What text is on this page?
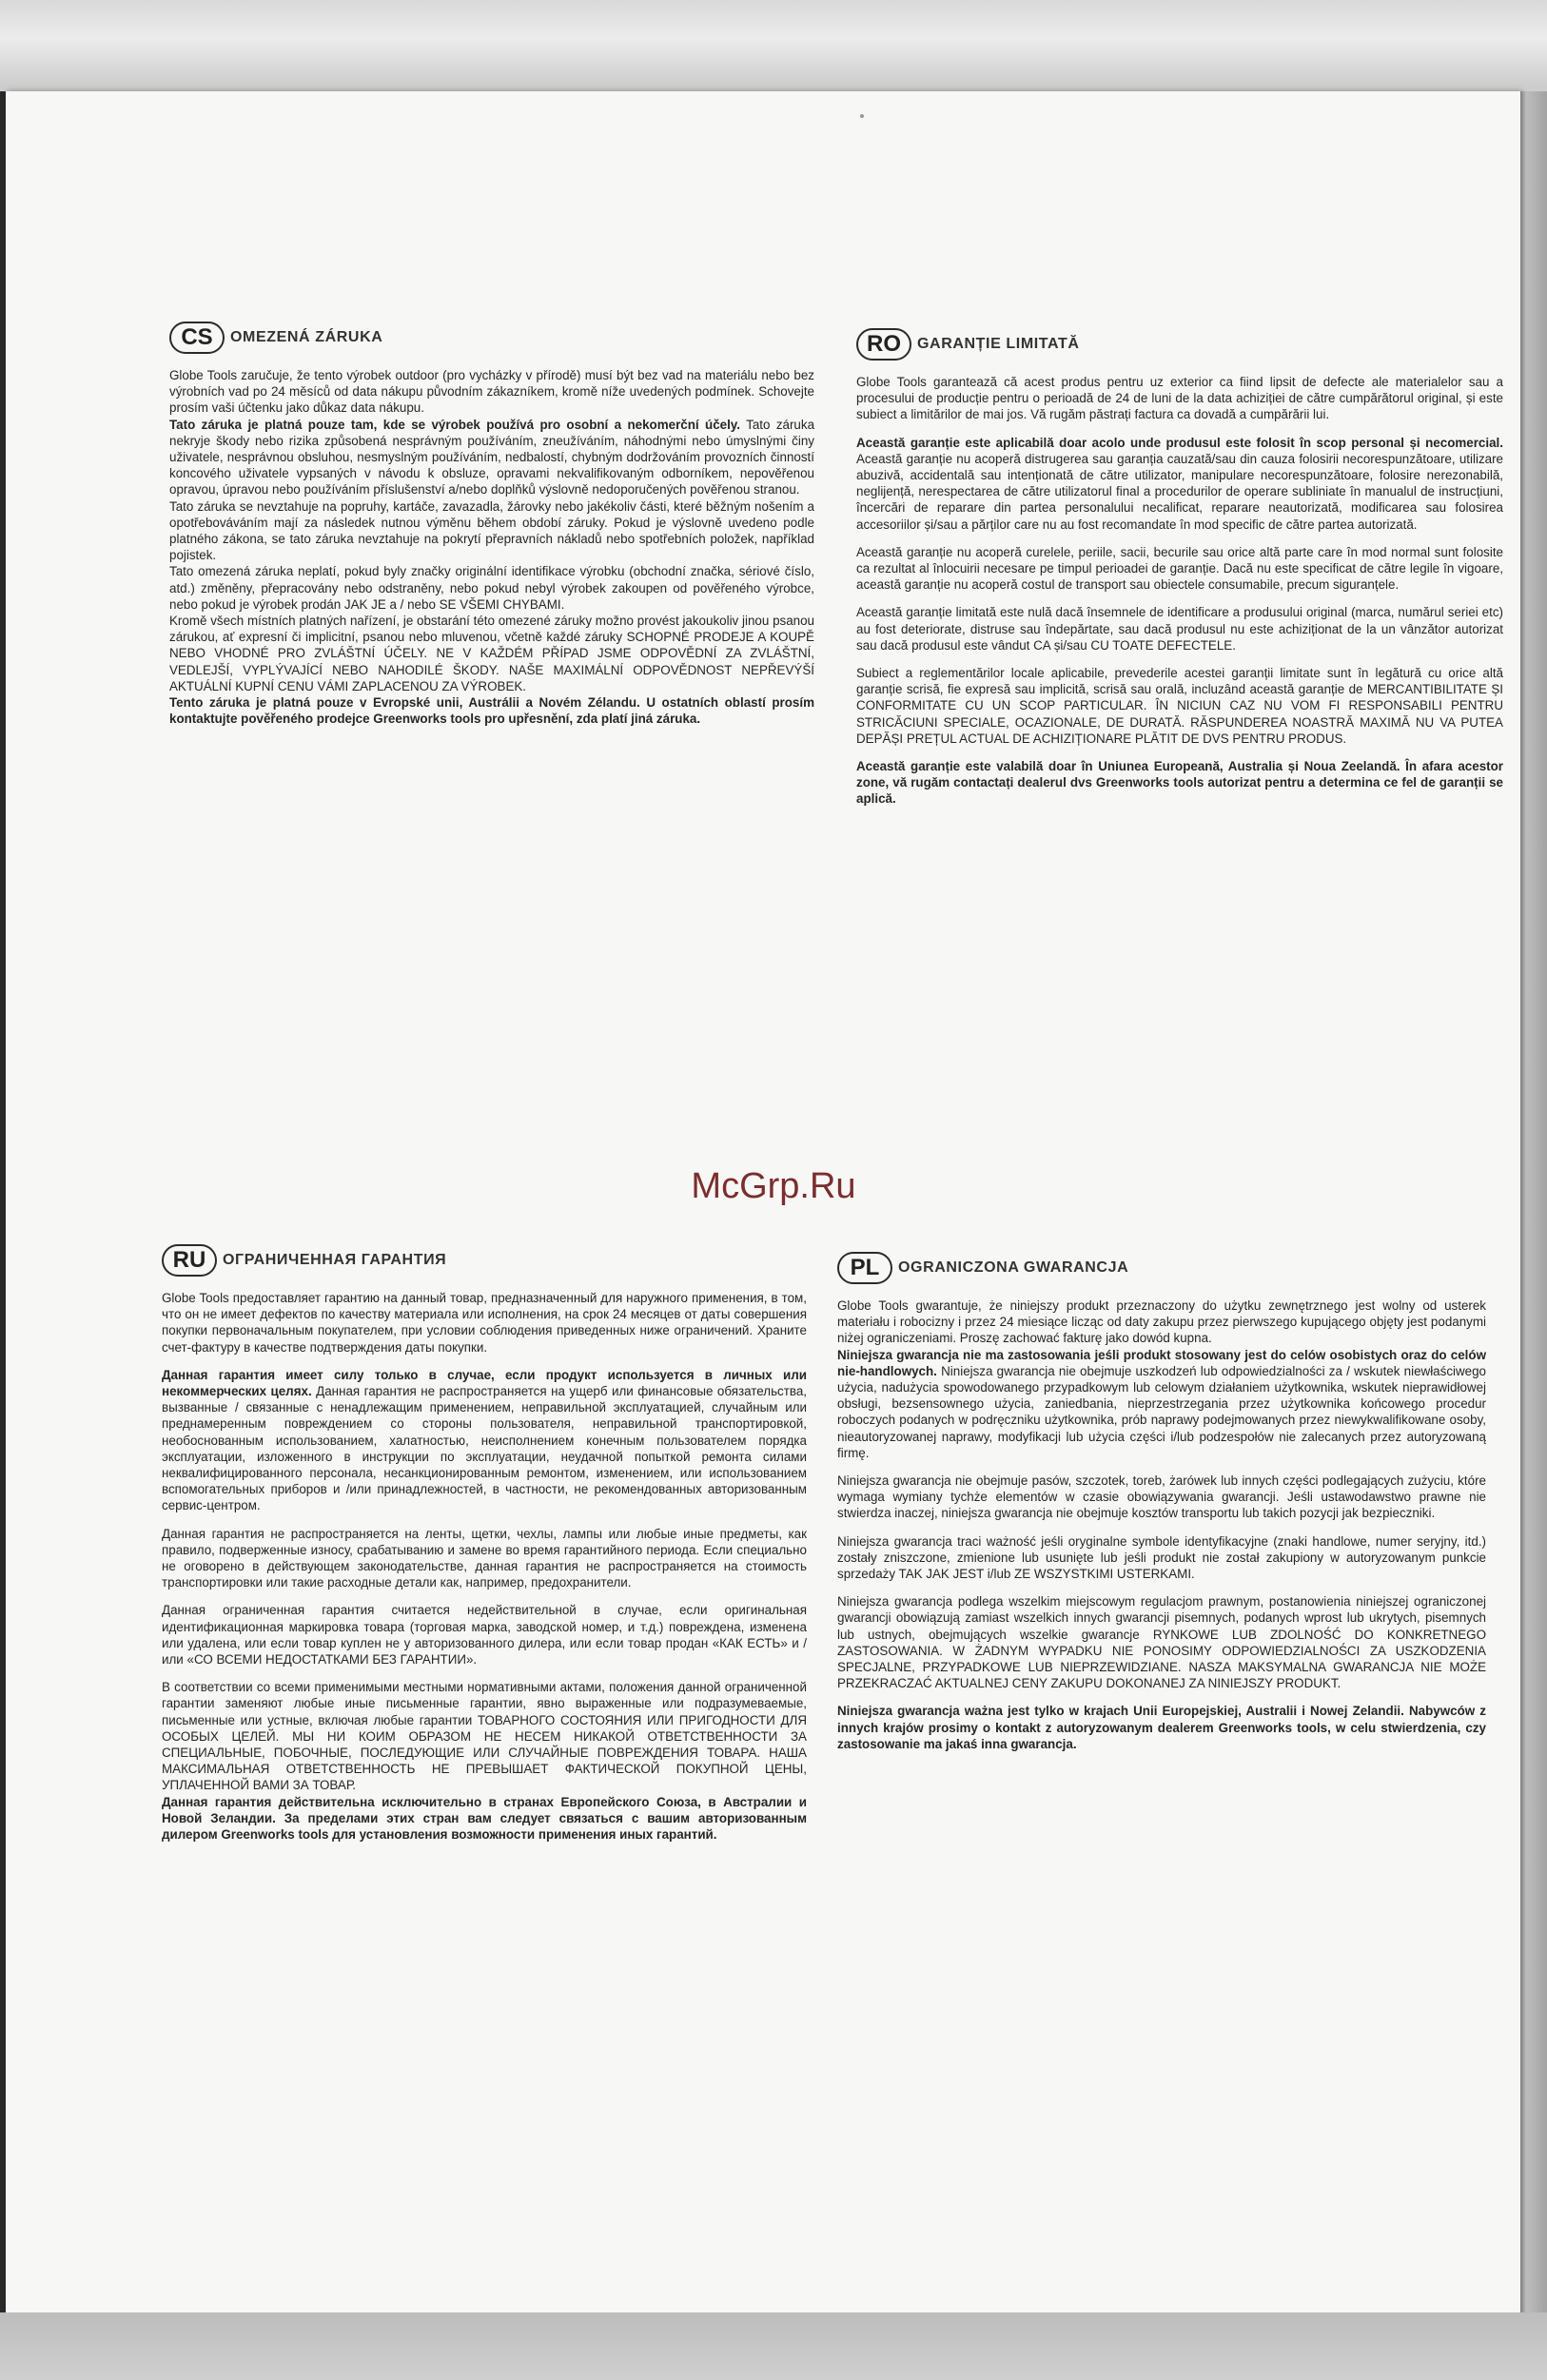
CS	OMEZENÁ ZÁRUKA

Globe Tools zaručuje, že tento výrobek outdoor (pro vycházky v přírodě) musí být bez vad na materiálu nebo bez výrobních vad po 24 měsíců od data nákupu původním zákazníkem, kromě níže uvedených podmínek. Schovejte prosím vaši účtenku jako důkaz data nákupu.

Tato záruka je platná pouze tam, kde se výrobek používá pro osobní a nekomerční účely. Tato záruka nekryje škody nebo rizika způsobená nesprávným používáním, zneužíváním, náhodnými nebo úmyslnými činy uživatele, nesprávnou obsluhou, nesmyslným používáním, nedbalostí, chybným dodržováním provozních činností koncového uživatele vypsaných v návodu k obsluze, opravami nekvalifikovaným odborníkem, nepověřenou opravou, úpravou nebo používáním příslušenství a/nebo doplňků výslovně nedoporučených pověřenou stranou.

Tato záruka se nevztahuje na popruhy, kartáče, zavazadla, žárovky nebo jakékoliv části, které běžným nošením a opotřebováváním mají za následek nutnou výměnu během období záruky. Pokud je výslovně uvedeno podle platného zákona, se tato záruka nevztahuje na pokrytí přepravních nákladů nebo spotřebních položek, například pojistek.

Tato omezená záruka neplatí, pokud byly značky originální identifikace výrobku (obchodní značka, sériové číslo, atd.) změněny, přepracovány nebo odstraněny, nebo pokud nebyl výrobek zakoupen od pověřeného výrobce, nebo pokud je výrobek prodán JAK JE a / nebo SE VŠEMI CHYBAMI.

Kromě všech místních platných nařízení, je obstarání této omezené záruky možno provést jakoukoliv jinou psanou zárukou, ať expresní či implicitní, psanou nebo mluvenou, včetně každé záruky SCHOPNÉ PRODEJE A KOUPĚ NEBO VHODNÉ PRO ZVLÁŠTNÍ ÚČELY. NE V KAŽDÉM PŘÍPAD JSME ODPOVĚDNÍ ZA ZVLÁŠTNÍ, VEDLEJŠÍ, VYPLÝVAJÍCÍ NEBO NAHODILÉ ŠKODY. NAŠE MAXIMÁLNÍ ODPOVĚDNOST NEPŘEVÝŠÍ AKTUÁLNÍ KUPNÍ CENU VÁMI ZAPLACENOU ZA VÝROBEK.

Tento záruka je platná pouze v Evropské unii, Austrálii a Novém Zélandu. U ostatních oblastí prosím kontaktujte pověřeného prodejce Greenworks tools pro upřesnění, zda platí jiná záruka.

RO	GARANȚIE LIMITATĂ

Globe Tools garantează că acest produs pentru uz exterior ca fiind lipsit de defecte ale materialelor sau a procesului de producție pentru o perioadă de 24 de luni de la data achiziției de către cumpărătorul original, și este subiect a limitărilor de mai jos. Vă rugăm păstrați factura ca dovadă a cumpărării lui.

Această garanție este aplicabilă doar acolo unde produsul este folosit în scop personal și necomercial. Această garanție nu acoperă distrugerea sau garanția cauzată/sau din cauza folosirii necorespunzătoare, utilizare abuzivă, accidentală sau intenționată de către utilizator, manipulare necorespunzătoare, folosire nerezonabilă, neglijență, nerespectarea de către utilizatorul final a procedurilor de operare subliniate în manualul de instrucțiuni, încercări de reparare din partea personalului necalificat, reparare neautorizată, modificarea sau folosirea accesoriilor și/sau a părților care nu au fost recomandate în mod specific de către partea autorizată.

Această garanție nu acoperă curelele, periile, sacii, becurile sau orice altă parte care în mod normal sunt folosite ca rezultat al înlocuirii necesare pe timpul perioadei de garanție. Dacă nu este specificat de către legile în vigoare, această garanție nu acoperă costul de transport sau obiectele consumabile, precum siguranțele.

Această garanție limitată este nulă dacă însemnele de identificare a produsului original (marca, numărul seriei etc) au fost deteriorate, distruse sau îndepărtate, sau dacă produsul nu este achiziționat de la un vânzător autorizat sau dacă produsul este vândut CA și/sau CU TOATE DEFECTELE.

Subiect a reglementărilor locale aplicabile, prevederile acestei garanții limitate sunt în legătură cu orice altă garanție scrisă, fie expresă sau implicită, scrisă sau orală, incluzând această garanție de MERCANTIBILITATE ȘI CONFORMITATE CU UN SCOP PARTICULAR. ÎN NICIUN CAZ NU VOM FI RESPONSABILI PENTRU STRICĂCIUNI SPECIALE, OCAZIONALE, DE DURATĂ. RĂSPUNDEREA NOASTRĂ MAXIMĂ NU VA PUTEA DEPĂȘI PREȚUL ACTUAL DE ACHIZIȚIONARE PLĂTIT DE DVS PENTRU PRODUS.

Această garanție este valabilă doar în Uniunea Europeană, Australia și Noua Zeelandă. În afara acestor zone, vă rugăm contactați dealerul dvs Greenworks tools autorizat pentru a determina ce fel de garanții se aplică.

McGrp.Ru
RU	ОГРАНИЧЕННАЯ ГАРАНТИЯ

Globe Tools предоставляет гарантию на данный товар, предназначенный для наружного применения, в том, что он не имеет дефектов по качеству материала или исполнения, на срок 24 месяцев от даты совершения покупки первоначальным покупателем, при условии соблюдения приведенных ниже ограничений. Храните счет-фактуру в качестве подтверждения даты покупки.

Данная гарантия имеет силу только в случае, если продукт используется в личных или некоммерческих целях. Данная гарантия не распространяется на ущерб или финансовые обязательства, вызванные / связанные с ненадлежащим применением, неправильной эксплуатацией, случайным или преднамеренным повреждением со стороны пользователя, неправильной транспортировкой, необоснованным использованием, халатностью, неисполнением конечным пользователем порядка эксплуатации, изложенного в инструкции по эксплуатации, неудачной попыткой ремонта силами неквалифицированного персонала, несанкционированным ремонтом, изменением, или использованием вспомогательных приборов и /или принадлежностей, в частности, не рекомендованных авторизованным сервис-центром.

Данная гарантия не распространяется на ленты, щетки, чехлы, лампы или любые иные предметы, как правило, подверженные износу, срабатыванию и замене во время гарантийного периода. Если специально не оговорено в действующем законодательстве, данная гарантия не распространяется на стоимость транспортировки или такие расходные детали как, например, предохранители.

Данная ограниченная гарантия считается недействительной в случае, если оригинальная идентификационная маркировка товара (торговая марка, заводской номер, и т.д.) повреждена, изменена или удалена, или если товар куплен не у авторизованного дилера, или если товар продан «КАК ЕСТЬ» и / или «СО ВСЕМИ НЕДОСТАТКАМИ БЕЗ ГАРАНТИИ».

В соответствии со всеми применимыми местными нормативными актами, положения данной ограниченной гарантии заменяют любые иные письменные гарантии, явно выраженные или подразумеваемые, письменные или устные, включая любые гарантии ТОВАРНОГО СОСТОЯНИЯ ИЛИ ПРИГОДНОСТИ ДЛЯ ОСОБЫХ ЦЕЛЕЙ. МЫ НИ КОИМ ОБРАЗОМ НЕ НЕСЕМ НИКАКОЙ ОТВЕТСТВЕННОСТИ ЗА СПЕЦИАЛЬНЫЕ, ПОБОЧНЫЕ, ПОСЛЕДУЮЩИЕ ИЛИ СЛУЧАЙНЫЕ ПОВРЕЖДЕНИЯ ТОВАРА. НАША МАКСИМАЛЬНАЯ ОТВЕТСТВЕННОСТЬ НЕ ПРЕВЫШАЕТ ФАКТИЧЕСКОЙ ПОКУПНОЙ ЦЕНЫ, УПЛАЧЕННОЙ ВАМИ ЗА ТОВАР.

Данная гарантия действительна исключительно в странах Европейского Союза, в Австралии и Новой Зеландии. За пределами этих стран вам следует связаться с вашим авторизованным дилером Greenworks tools для установления возможности применения иных гарантий.

PL	OGRANICZONA GWARANCJA

Globe Tools gwarantuje, że niniejszy produkt przeznaczony do użytku zewnętrznego jest wolny od usterek materiału i robocizny i przez 24 miesiące licząc od daty zakupu przez pierwszego kupującego objęty jest podanymi niżej ograniczeniami. Proszę zachować fakturę jako dowód kupna.

Niniejsza gwarancja nie ma zastosowania jeśli produkt stosowany jest do celów osobistych oraz do celów nie-handlowych. Niniejsza gwarancja nie obejmuje uszkodzeń lub odpowiedzialności za / wskutek niewłaściwego użycia, nadużycia spowodowanego przypadkowym lub celowym działaniem użytkownika, wskutek nieprawidłowej obsługi, bezsensownego użycia, zaniedbania, nieprzestrzegania przez użytkownika końcowego procedur roboczych podanych w podręczniku użytkownika, prób naprawy podejmowanych przez niewykwalifikowane osoby, nieautoryzowanej naprawy, modyfikacji lub użycia części i/lub podzespołów nie zalecanych przez autoryzowaną firmę.

Niniejsza gwarancja nie obejmuje pasów, szczotek, toreb, żarówek lub innych części podlegających zużyciu, które wymaga wymiany tychże elementów w czasie obowiązywania gwarancji. Jeśli ustawodawstwo prawne nie stwierdza inaczej, niniejsza gwarancja nie obejmuje kosztów transportu lub takich pozycji jak bezpieczniki.

Niniejsza gwarancja traci ważność jeśli oryginalne symbole identyfikacyjne (znaki handlowe, numer seryjny, itd.) zostały zniszczone, zmienione lub usunięte lub jeśli produkt nie został zakupiony w autoryzowanym punkcie sprzedaży TAK JAK JEST i/lub ZE WSZYSTKIMI USTERKAMI.

Niniejsza gwarancja podlega wszelkim miejscowym regulacjom prawnym, postanowienia niniejszej ograniczonej gwarancji obowiązują zamiast wszelkich innych gwarancji pisemnych, podanych wprost lub ukrytych, pisemnych lub ustnych, obejmujących wszelkie gwarancje RYNKOWE LUB ZDOLNOŚĆ DO KONKRETNEGO ZASTOSOWANIA. W ŻADNYM WYPADKU NIE PONOSIMY ODPOWIEDZIALNOŚCI ZA USZKODZENIA SPECJALNE, PRZYPADKOWE LUB NIEPRZEWIDZIANE. NASZA MAKSYMALNA GWARANCJA NIE MOŻE PRZEKRACZAĆ AKTUALNEJ CENY ZAKUPU DOKONANEJ ZA NINIEJSZY PRODUKT.

Niniejsza gwarancja ważna jest tylko w krajach Unii Europejskiej, Australii i Nowej Zelandii. Nabywców z innych krajów prosimy o kontakt z autoryzowanym dealerem Greenworks tools, w celu stwierdzenia, czy zastosowanie ma jakaś inna gwarancja.
